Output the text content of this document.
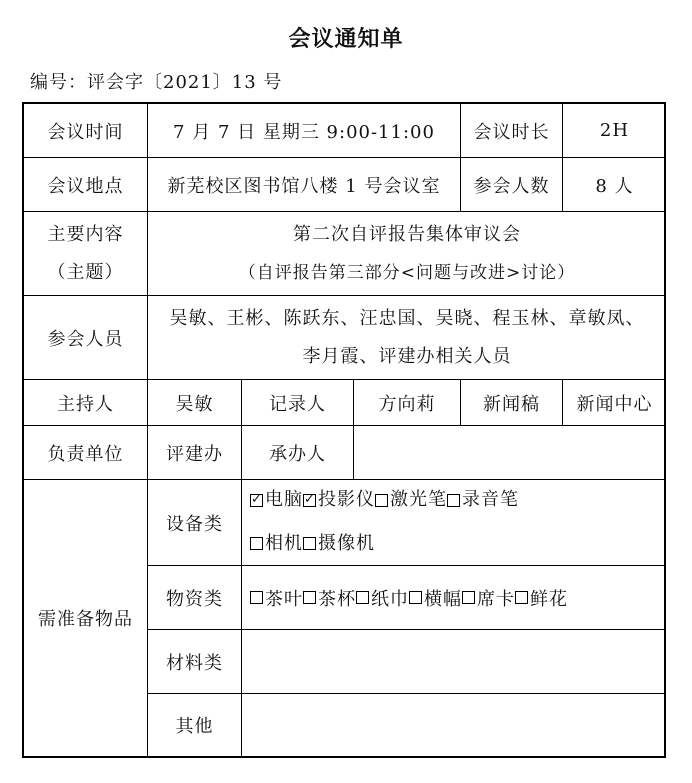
会议通知单
编号：评会字〔2021〕13 号
会议时间	7 月 7 日 星期三 9:00-11:00	会议时长	2H
会议地点	新芜校区图书馆八楼 1 号会议室	参会人数	8 人
主要内容
（主题）
第二次自评报告集体审议会
（自评报告第三部分<问题与改进>讨论）
参会人员
吴敏、王彬、陈跃东、汪忠国、吴晓、程玉林、章敏凤、
李月霞、评建办相关人员
主持人	吴敏	记录人	方向莉	新闻稿	新闻中心
负责单位	评建办	承办人
需准备物品
设备类
✓
电脑
✓ 投影仪 激光笔 录音笔
相机 摄像机
物资类	茶叶 茶杯 纸巾 横幅 席卡 鲜花
材料类
其他
